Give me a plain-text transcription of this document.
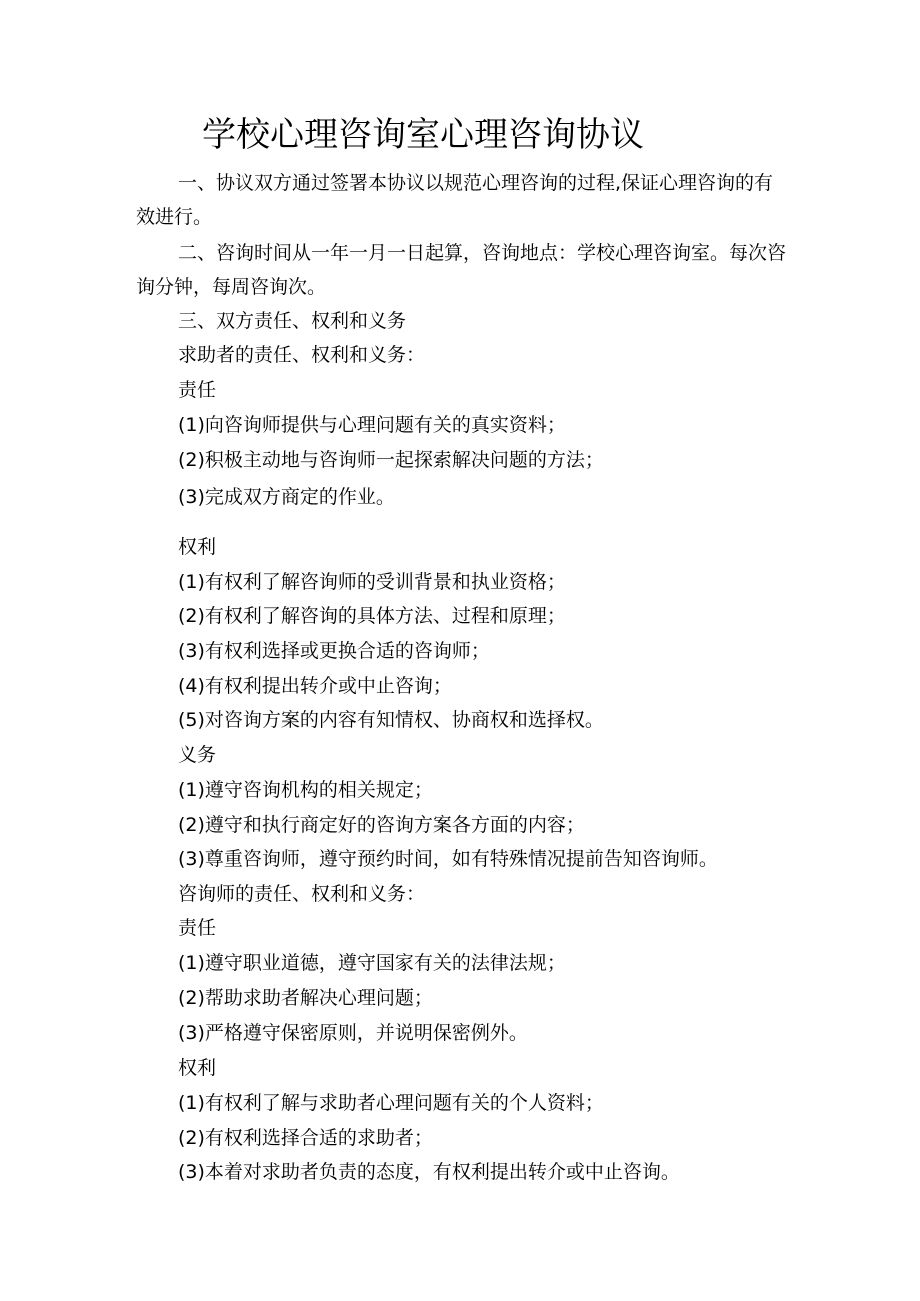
学校心理咨询室心理咨询协议

一、协议双方通过签署本协议以规范心理咨询的过程,保证心理咨询的有效进行。

二、咨询时间从一年一月一日起算，咨询地点：学校心理咨询室。每次咨询分钟，每周咨询次。

三、双方责任、权利和义务

求助者的责任、权利和义务：

责任

(1)向咨询师提供与心理问题有关的真实资料；

(2)积极主动地与咨询师一起探索解决问题的方法；

(3)完成双方商定的作业。

权利

(1)有权利了解咨询师的受训背景和执业资格；

(2)有权利了解咨询的具体方法、过程和原理；

(3)有权利选择或更换合适的咨询师；

(4)有权利提出转介或中止咨询；

(5)对咨询方案的内容有知情权、协商权和选择权。

义务

(1)遵守咨询机构的相关规定；

(2)遵守和执行商定好的咨询方案各方面的内容；

(3)尊重咨询师，遵守预约时间，如有特殊情况提前告知咨询师。

咨询师的责任、权利和义务：

责任

(1)遵守职业道德，遵守国家有关的法律法规；

(2)帮助求助者解决心理问题；

(3)严格遵守保密原则，并说明保密例外。

权利

(1)有权利了解与求助者心理问题有关的个人资料；

(2)有权利选择合适的求助者；

(3)本着对求助者负责的态度，有权利提出转介或中止咨询。
